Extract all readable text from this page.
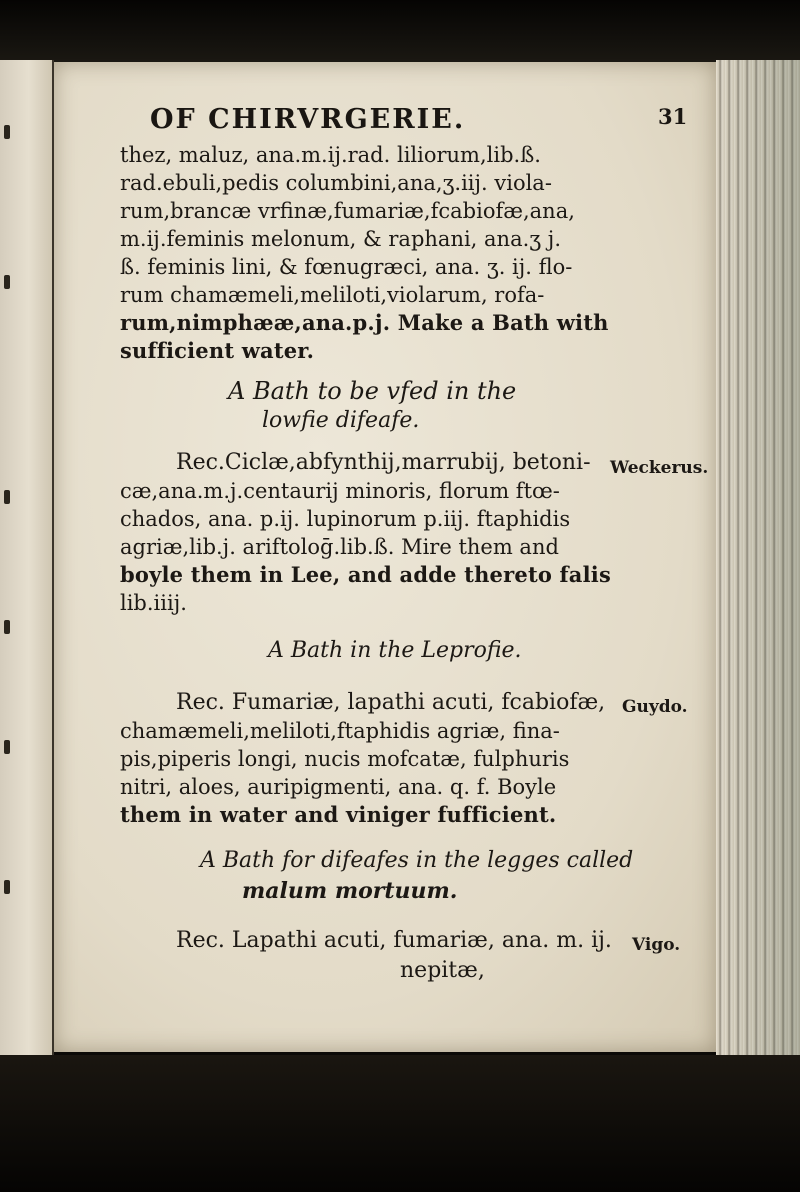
OF CHIRVRGERIE.	31
thez, maluz, ana.m.ij.rad. liliorum,lib.ß.
rad.ebuli,pedis columbini,ana,ʒ.iij. viola-
rum,brancæ vrfinæ,fumariæ,fcabiofæ,ana,
m.ij.feminis melonum, & raphani, ana.ʒ j.
ß. feminis lini, & fœnugræci, ana. ʒ. ij. flo-
rum chamæmeli,meliloti,violarum, rofa-
rum,nimphææ,ana.p.j. Make a Bath with
sufficient water.
A Bath to be vfed in the
lowfie difeafe.
Rec.Ciclæ,abfynthij,marrubij, betoni- Weckerus.
cæ,ana.m.j.centaurij minoris, florum ftœ-
chados, ana. p.ij. lupinorum p.iij. ftaphidis
agriæ,lib.j. ariftoloḡ.lib.ß. Mire them and
boyle them in Lee, and adde thereto falis
lib.iiij.
A Bath in the Leprofie.
Rec. Fumariæ, lapathi acuti, fcabiofæ, Guydo.
chamæmeli,meliloti,ftaphidis agriæ, fina-
pis,piperis longi, nucis mofcatæ, fulphuris
nitri, aloes, auripigmenti, ana. q. f. Boyle
them in water and viniger fufficient.
A Bath for difeafes in the legges called
malum mortuum.
Rec. Lapathi acuti, fumariæ, ana. m. ij. Vigo.
nepitæ,
